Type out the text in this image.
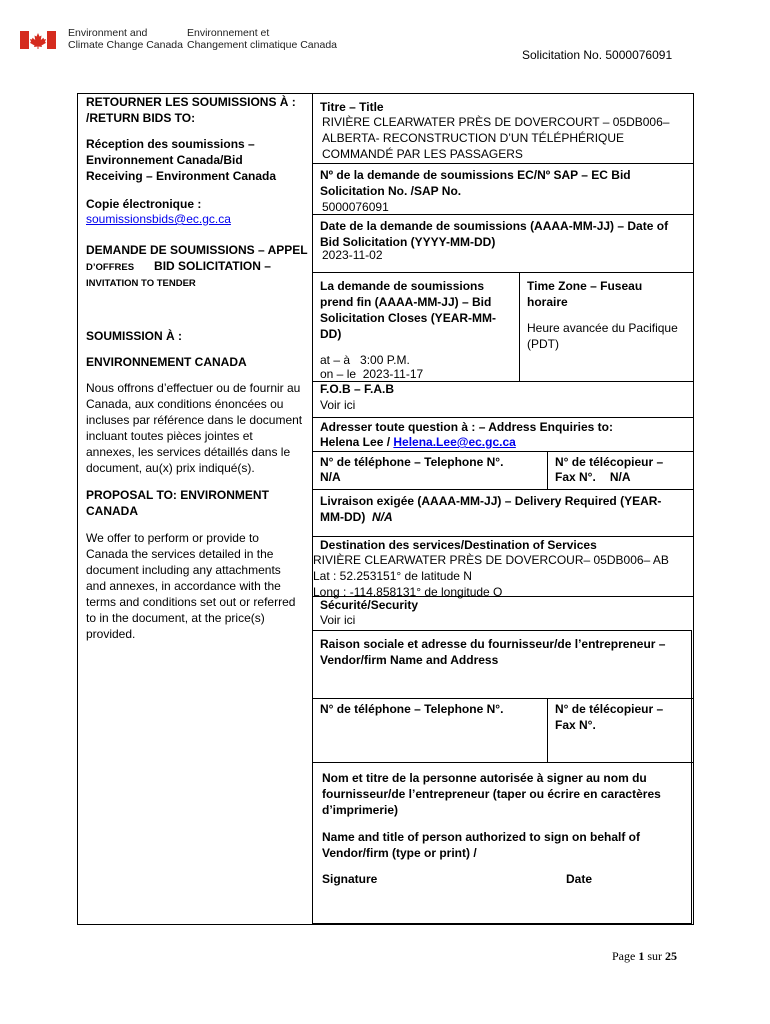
Environment and
Climate Change Canada
Environnement et
Changement climatique Canada
Solicitation No. 5000076091
RETOURNER LES SOUMISSIONS À :
/RETURN BIDS TO:
Réception des soumissions –
Environnement Canada/Bid
Receiving – Environment Canada
Copie électronique :
soumissionsbids@ec.gc.ca
DEMANDE DE SOUMISSIONS – APPEL
D’OFFRES BID SOLICITATION –
INVITATION TO TENDER
SOUMISSION À :
ENVIRONNEMENT CANADA
Nous offrons d’effectuer ou de fournir au
Canada, aux conditions énoncées ou
incluses par référence dans le document
incluant toutes pièces jointes et
annexes, les services détaillés dans le
document, au(x) prix indiqué(s).
PROPOSAL TO: ENVIRONMENT
CANADA
We offer to perform or provide to
Canada the services detailed in the
document including any attachments
and annexes, in accordance with the
terms and conditions set out or referred
to in the document, at the price(s)
provided.
Titre – Title
RIVIÈRE CLEARWATER PRÈS DE DOVERCOURT – 05DB006–
ALBERTA- RECONSTRUCTION D’UN TÉLÉPHÉRIQUE
COMMANDÉ PAR LES PASSAGERS
Nº de la demande de soumissions EC/Nº SAP – EC Bid
Solicitation No. /SAP No.
5000076091
Date de la demande de soumissions (AAAA-MM-JJ) – Date of
Bid Solicitation (YYYY-MM-DD)
2023-11-02
La demande de soumissions
prend fin (AAAA-MM-JJ) – Bid
Solicitation Closes (YEAR-MM-
DD)
Time Zone – Fuseau
horaire
Heure avancée du Pacifique
(PDT)
at – à   3:00 P.M.
on – le  2023-11-17
F.O.B – F.A.B
Voir ici
Adresser toute question à : – Address Enquiries to:
Helena Lee / Helena.Lee@ec.gc.ca
N° de téléphone – Telephone N°.
N/A
N° de télécopieur –
Fax N°. N/A
Livraison exigée (AAAA-MM-JJ) – Delivery Required (YEAR-
MM-DD) N/A
Destination des services/Destination of Services
RIVIÈRE CLEARWATER PRÈS DE DOVERCOUR– 05DB006– AB
Lat : 52.253151° de latitude N
Long : -114.858131° de longitude O
Sécurité/Security
Voir ici
Raison sociale et adresse du fournisseur/de l’entrepreneur –
Vendor/firm Name and Address
N° de téléphone – Telephone N°.	N° de télécopieur –
Fax N°.
Nom et titre de la personne autorisée à signer au nom du
fournisseur/de l’entrepreneur (taper ou écrire en caractères
d’imprimerie)
Name and title of person authorized to sign on behalf of
Vendor/firm (type or print) /
Signature	Date
Page 1 sur 25
